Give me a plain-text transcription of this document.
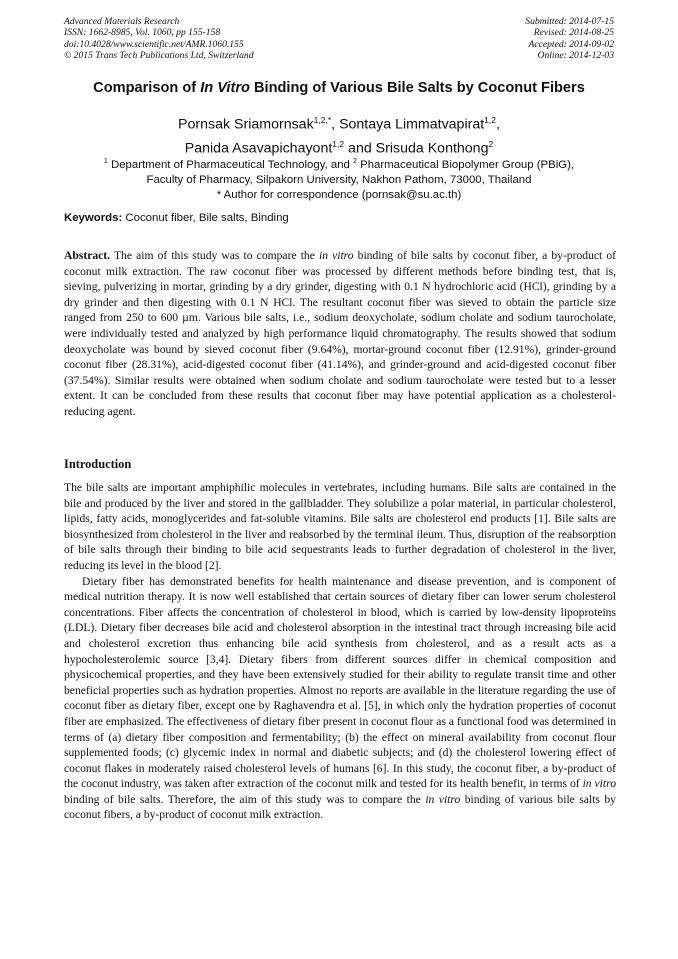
Advanced Materials Research
ISSN: 1662-8985, Vol. 1060, pp 155-158
doi:10.4028/www.scientific.net/AMR.1060.155
© 2015 Trans Tech Publications Ltd, Switzerland
Submitted: 2014-07-15
Revised: 2014-08-25
Accepted: 2014-09-02
Online: 2014-12-03
Comparison of In Vitro Binding of Various Bile Salts by Coconut Fibers
Pornsak Sriamornsak$^{1,2,*}$, Sontaya Limmatvapirat$^{1,2}$,
Panida Asavapichayont$^{1,2}$ and Srisuda Konthong$^2$
$^1$ Department of Pharmaceutical Technology, and $^2$ Pharmaceutical Biopolymer Group (PBiG),
Faculty of Pharmacy, Silpakorn University, Nakhon Pathom, 73000, Thailand
* Author for correspondence (pornsak@su.ac.th)
Keywords: Coconut fiber, Bile salts, Binding
Abstract. The aim of this study was to compare the in vitro binding of bile salts by coconut fiber, a by-product of coconut milk extraction. The raw coconut fiber was processed by different methods before binding test, that is, sieving, pulverizing in mortar, grinding by a dry grinder, digesting with 0.1 N hydrochloric acid (HCl), grinding by a dry grinder and then digesting with 0.1 N HCl. The resultant coconut fiber was sieved to obtain the particle size ranged from 250 to 600 µm. Various bile salts, i.e., sodium deoxycholate, sodium cholate and sodium taurocholate, were individually tested and analyzed by high performance liquid chromatography. The results showed that sodium deoxycholate was bound by sieved coconut fiber (9.64%), mortar-ground coconut fiber (12.91%), grinder-ground coconut fiber (28.31%), acid-digested coconut fiber (41.14%), and grinder-ground and acid-digested coconut fiber (37.54%). Similar results were obtained when sodium cholate and sodium taurocholate were tested but to a lesser extent. It can be concluded from these results that coconut fiber may have potential application as a cholesterol-reducing agent.
Introduction

The bile salts are important amphiphilic molecules in vertebrates, including humans. Bile salts are contained in the bile and produced by the liver and stored in the gallbladder. They solubilize a polar material, in particular cholesterol, lipids, fatty acids, monoglycerides and fat-soluble vitamins. Bile salts are cholesterol end products [1]. Bile salts are biosynthesized from cholesterol in the liver and reabsorbed by the terminal ileum. Thus, disruption of the reabsorption of bile salts through their binding to bile acid sequestrants leads to further degradation of cholesterol in the liver, reducing its level in the blood [2].

Dietary fiber has demonstrated benefits for health maintenance and disease prevention, and is component of medical nutrition therapy. It is now well established that certain sources of dietary fiber can lower serum cholesterol concentrations. Fiber affects the concentration of cholesterol in blood, which is carried by low-density lipoproteins (LDL). Dietary fiber decreases bile acid and cholesterol absorption in the intestinal tract through increasing bile acid and cholesterol excretion thus enhancing bile acid synthesis from cholesterol, and as a result acts as a hypocholesterolemic source [3,4]. Dietary fibers from different sources differ in chemical composition and physicochemical properties, and they have been extensively studied for their ability to regulate transit time and other beneficial properties such as hydration properties. Almost no reports are available in the literature regarding the use of coconut fiber as dietary fiber, except one by Raghavendra et al. [5], in which only the hydration properties of coconut fiber are emphasized. The effectiveness of dietary fiber present in coconut flour as a functional food was determined in terms of (a) dietary fiber composition and fermentability; (b) the effect on mineral availability from coconut flour supplemented foods; (c) glycemic index in normal and diabetic subjects; and (d) the cholesterol lowering effect of coconut flakes in moderately raised cholesterol levels of humans [6]. In this study, the coconut fiber, a by-product of the coconut industry, was taken after extraction of the coconut milk and tested for its health benefit, in terms of in vitro binding of bile salts. Therefore, the aim of this study was to compare the in vitro binding of various bile salts by coconut fibers, a by-product of coconut milk extraction.
